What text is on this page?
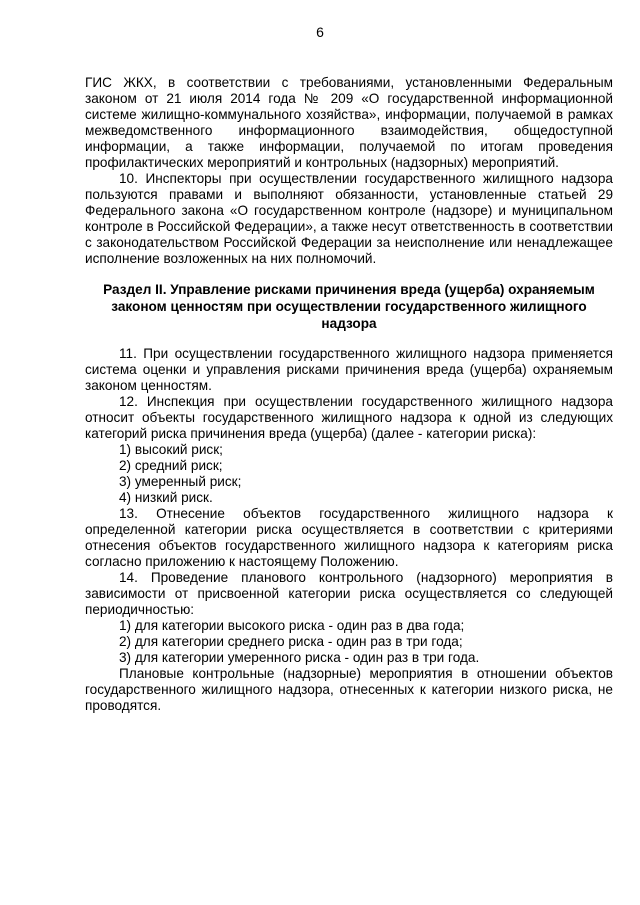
6

ГИС ЖКХ, в соответствии с требованиями, установленными Федеральным законом от 21 июля 2014 года № 209 «О государственной информационной системе жилищно-коммунального хозяйства», информации, получаемой в рамках межведомственного информационного взаимодействия, общедоступной информации, а также информации, получаемой по итогам проведения профилактических мероприятий и контрольных (надзорных) мероприятий.

10. Инспекторы при осуществлении государственного жилищного надзора пользуются правами и выполняют обязанности, установленные статьей 29 Федерального закона «О государственном контроле (надзоре) и муниципальном контроле в Российской Федерации», а также несут ответственность в соответствии с законодательством Российской Федерации за неисполнение или ненадлежащее исполнение возложенных на них полномочий.

Раздел II. Управление рисками причинения вреда (ущерба) охраняемым
законом ценностям при осуществлении государственного жилищного
надзора

11. При осуществлении государственного жилищного надзора применяется система оценки и управления рисками причинения вреда (ущерба) охраняемым законом ценностям.

12. Инспекция при осуществлении государственного жилищного надзора относит объекты государственного жилищного надзора к одной из следующих категорий риска причинения вреда (ущерба) (далее - категории риска):

1) высокий риск;

2) средний риск;

3) умеренный риск;

4) низкий риск.

13. Отнесение объектов государственного жилищного надзора к определенной категории риска осуществляется в соответствии с критериями отнесения объектов государственного жилищного надзора к категориям риска согласно приложению к настоящему Положению.

14. Проведение планового контрольного (надзорного) мероприятия в зависимости от присвоенной категории риска осуществляется со следующей периодичностью:

1) для категории высокого риска - один раз в два года;

2) для категории среднего риска - один раз в три года;

3) для категории умеренного риска - один раз в три года.

Плановые контрольные (надзорные) мероприятия в отношении объектов государственного жилищного надзора, отнесенных к категории низкого риска, не проводятся.
